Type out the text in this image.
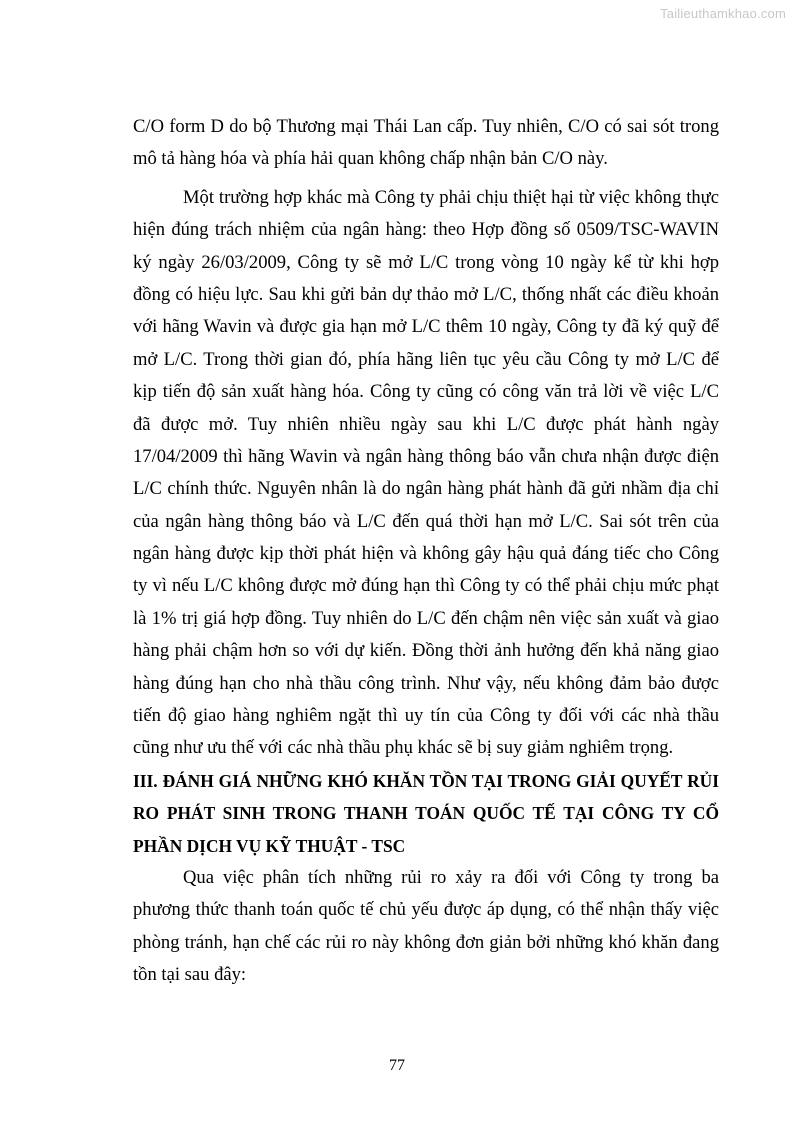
Tailieuthamkhao.com
C/O form D do bộ Thương mại Thái Lan cấp. Tuy nhiên, C/O có sai sót trong
mô tả hàng hóa và phía hải quan không chấp nhận bản C/O này.
Một trường hợp khác mà Công ty phải chịu thiệt hại từ việc không thực
hiện đúng trách nhiệm của ngân hàng: theo Hợp đồng số 0509/TSC-WAVIN
ký ngày 26/03/2009, Công ty sẽ mở L/C trong vòng 10 ngày kể từ khi hợp
đồng có hiệu lực. Sau khi gửi bản dự thảo mở L/C, thống nhất các điều khoản
với hãng Wavin và được gia hạn mở L/C thêm 10 ngày, Công ty đã ký quỹ để
mở L/C. Trong thời gian đó, phía hãng liên tục yêu cầu Công ty mở L/C để
kịp tiến độ sản xuất hàng hóa. Công ty cũng có công văn trả lời về việc L/C
đã được mở. Tuy nhiên nhiều ngày sau khi L/C được phát hành ngày
17/04/2009 thì hãng Wavin và ngân hàng thông báo vẫn chưa nhận được điện
L/C chính thức. Nguyên nhân là do ngân hàng phát hành đã gửi nhầm địa chỉ
của ngân hàng thông báo và L/C đến quá thời hạn mở L/C. Sai sót trên của
ngân hàng được kịp thời phát hiện và không gây hậu quả đáng tiếc cho Công
ty vì nếu L/C không được mở đúng hạn thì Công ty có thể phải chịu mức phạt
là 1% trị giá hợp đồng. Tuy nhiên do L/C đến chậm nên việc sản xuất và giao
hàng phải chậm hơn so với dự kiến. Đồng thời ảnh hưởng đến khả năng giao
hàng đúng hạn cho nhà thầu công trình. Như vậy, nếu không đảm bảo được
tiến độ giao hàng nghiêm ngặt thì uy tín của Công ty đối với các nhà thầu
cũng như ưu thế với các nhà thầu phụ khác sẽ bị suy giảm nghiêm trọng.
III. ĐÁNH GIÁ NHỮNG KHÓ KHĂN TỒN TẠI TRONG GIẢI QUYẾT RỦI
RO PHÁT SINH TRONG THANH TOÁN QUỐC TẾ TẠI CÔNG TY CỔ
PHẦN DỊCH VỤ KỸ THUẬT - TSC
Qua việc phân tích những rủi ro xảy ra đối với Công ty trong ba
phương thức thanh toán quốc tế chủ yếu được áp dụng, có thể nhận thấy việc
phòng tránh, hạn chế các rủi ro này không đơn giản bởi những khó khăn đang
tồn tại sau đây:
77
